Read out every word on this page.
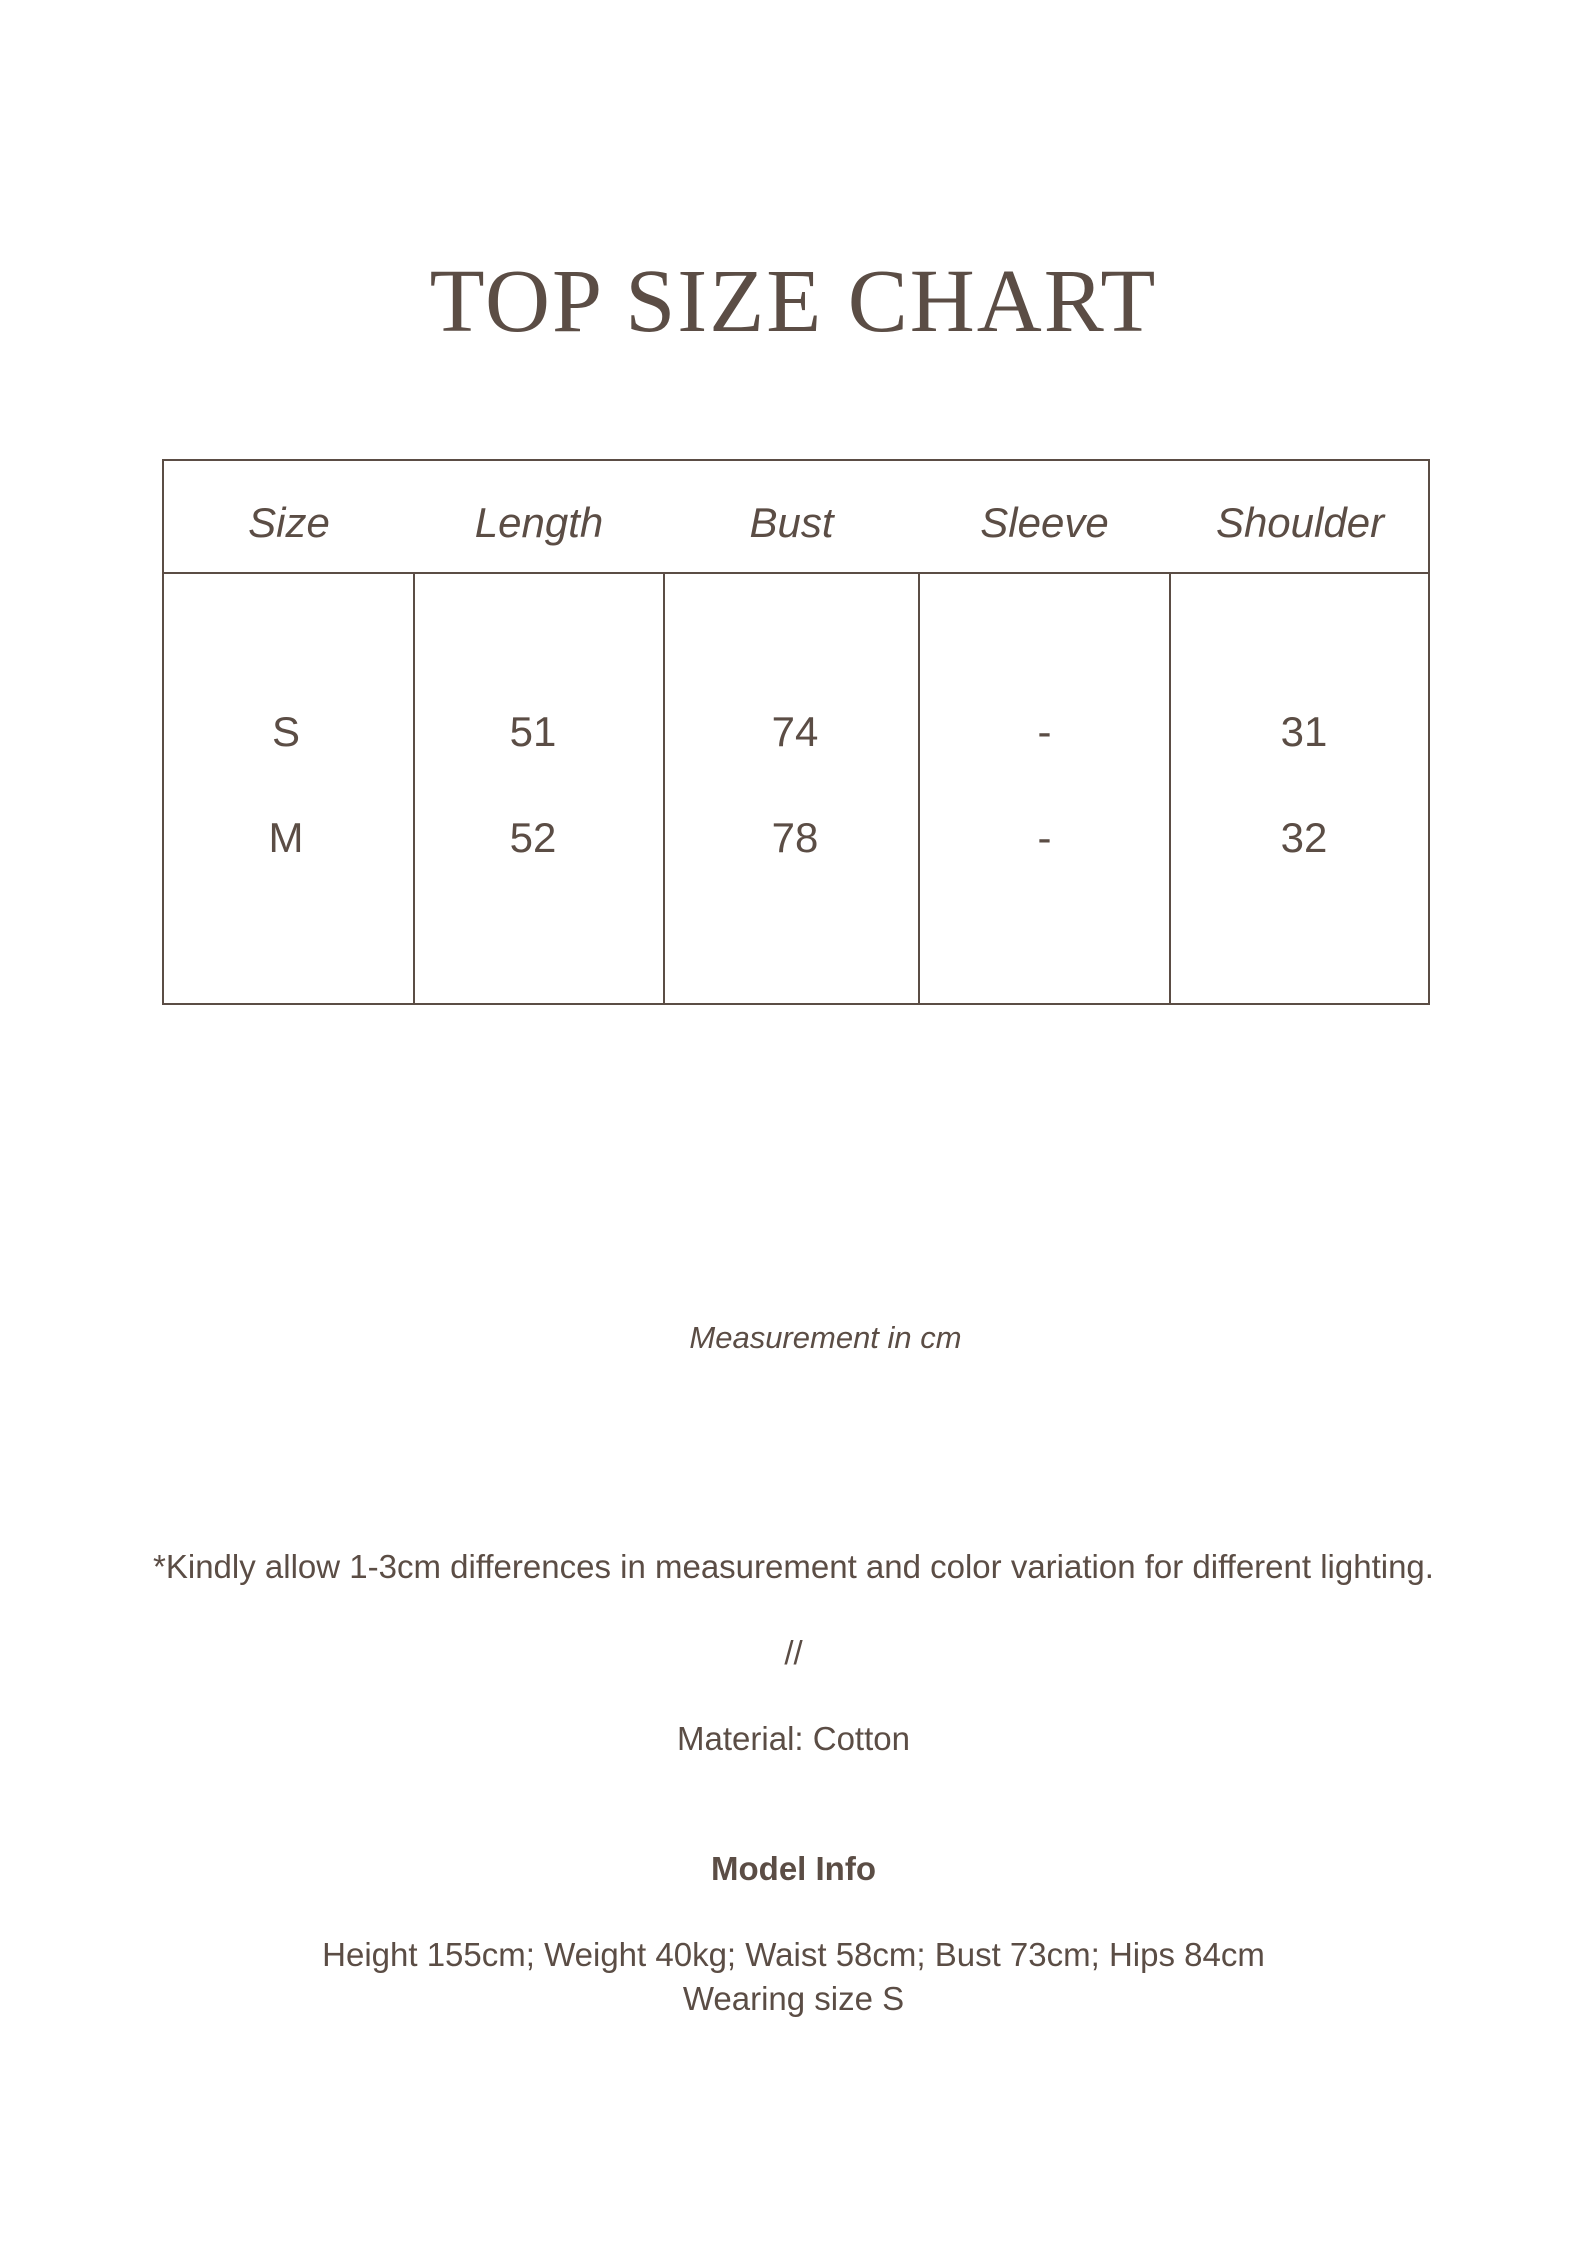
TOP SIZE CHART
Size	Length	Bust	Sleeve	Shoulder
S	51	74	-	31
M	52	78	-	32
Measurement in cm
*Kindly allow 1-3cm differences in measurement and color variation for different lighting.
//
Material: Cotton
Model Info
Height 155cm; Weight 40kg; Waist 58cm; Bust 73cm; Hips 84cm
Wearing size S
